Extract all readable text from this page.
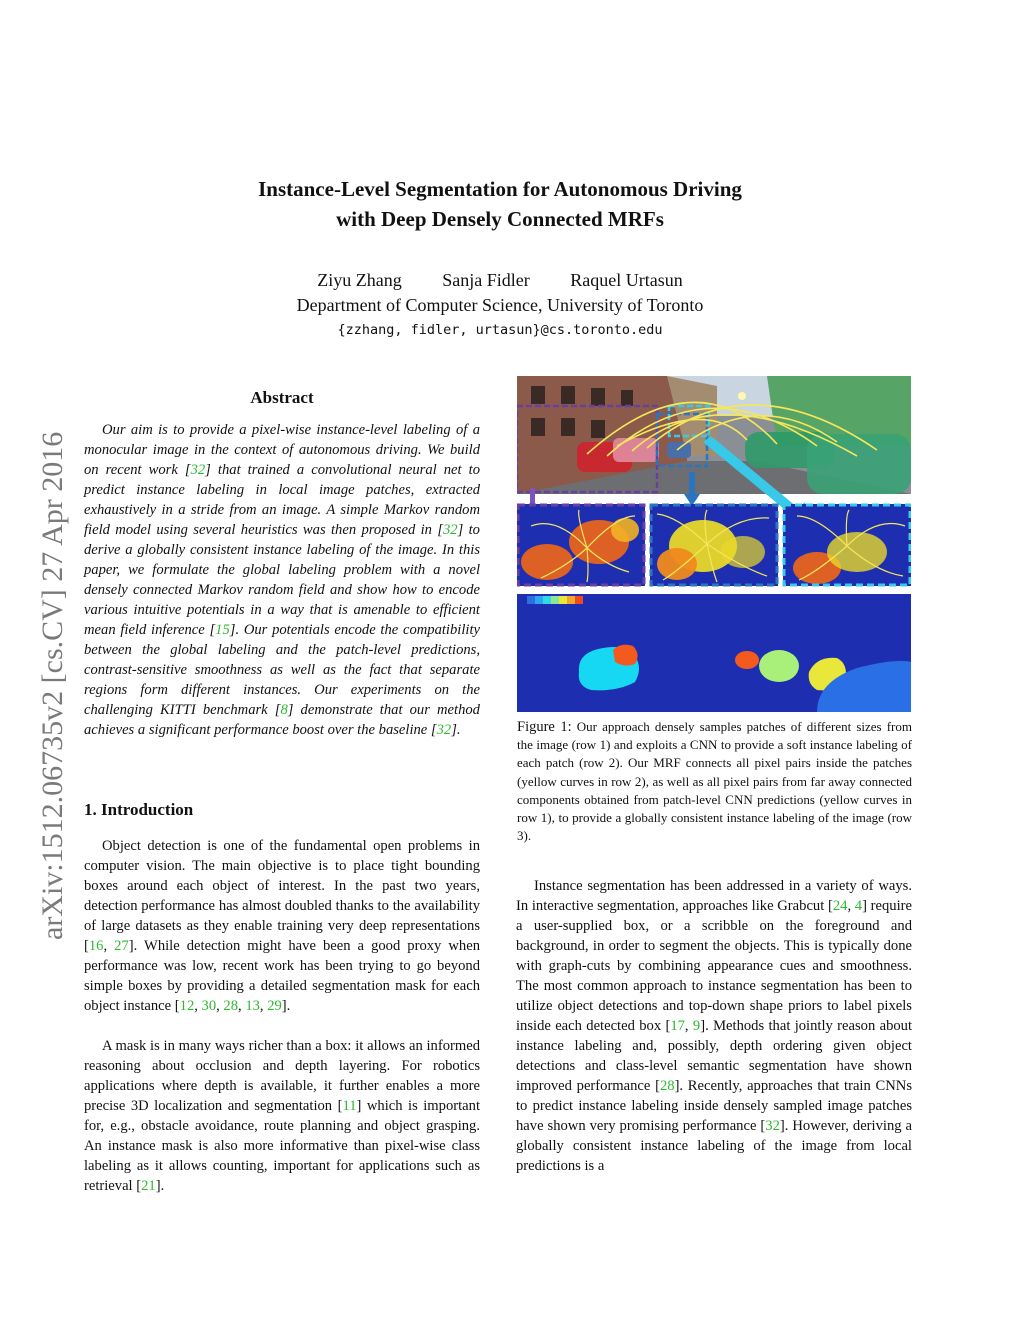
arXiv:1512.06735v2 [cs.CV] 27 Apr 2016
Instance-Level Segmentation for Autonomous Driving
with Deep Densely Connected MRFs
Ziyu Zhang Sanja Fidler Raquel Urtasun
Department of Computer Science, University of Toronto
{zzhang, fidler, urtasun}@cs.toronto.edu
Abstract

Our aim is to provide a pixel-wise instance-level labeling of a monocular image in the context of autonomous driving. We build on recent work [32] that trained a convolutional neural net to predict instance labeling in local image patches, extracted exhaustively in a stride from an image. A simple Markov random field model using several heuristics was then proposed in [32] to derive a globally consistent instance labeling of the image. In this paper, we formulate the global labeling problem with a novel densely connected Markov random field and show how to encode various intuitive potentials in a way that is amenable to efficient mean field inference [15]. Our potentials encode the compatibility between the global labeling and the patch-level predictions, contrast-sensitive smoothness as well as the fact that separate regions form different instances. Our experiments on the challenging KITTI benchmark [8] demonstrate that our method achieves a significant performance boost over the baseline [32].

1. Introduction

Object detection is one of the fundamental open problems in computer vision. The main objective is to place tight bounding boxes around each object of interest. In the past two years, detection performance has almost doubled thanks to the availability of large datasets as they enable training very deep representations [16, 27]. While detection might have been a good proxy when performance was low, recent work has been trying to go beyond simple boxes by providing a detailed segmentation mask for each object instance [12, 30, 28, 13, 29].

A mask is in many ways richer than a box: it allows an informed reasoning about occlusion and depth layering. For robotics applications where depth is available, it further enables a more precise 3D localization and segmentation [11] which is important for, e.g., obstacle avoidance, route planning and object grasping. An instance mask is also more informative than pixel-wise class labeling as it allows counting, important for applications such as retrieval [21].

Figure 1: Our approach densely samples patches of different sizes from the image (row 1) and exploits a CNN to provide a soft instance labeling of each patch (row 2). Our MRF connects all pixel pairs inside the patches (yellow curves in row 2), as well as all pixel pairs from far away connected components obtained from patch-level CNN predictions (yellow curves in row 1), to provide a globally consistent instance labeling of the image (row 3).

Instance segmentation has been addressed in a variety of ways. In interactive segmentation, approaches like Grabcut [24, 4] require a user-supplied box, or a scribble on the foreground and background, in order to segment the objects. This is typically done with graph-cuts by combining appearance cues and smoothness. The most common approach to instance segmentation has been to utilize object detections and top-down shape priors to label pixels inside each detected box [17, 9]. Methods that jointly reason about instance labeling and, possibly, depth ordering given object detections and class-level semantic segmentation have shown improved performance [28]. Recently, approaches that train CNNs to predict instance labeling inside densely sampled image patches have shown very promising performance [32]. However, deriving a globally consistent instance labeling of the image from local predictions is a
